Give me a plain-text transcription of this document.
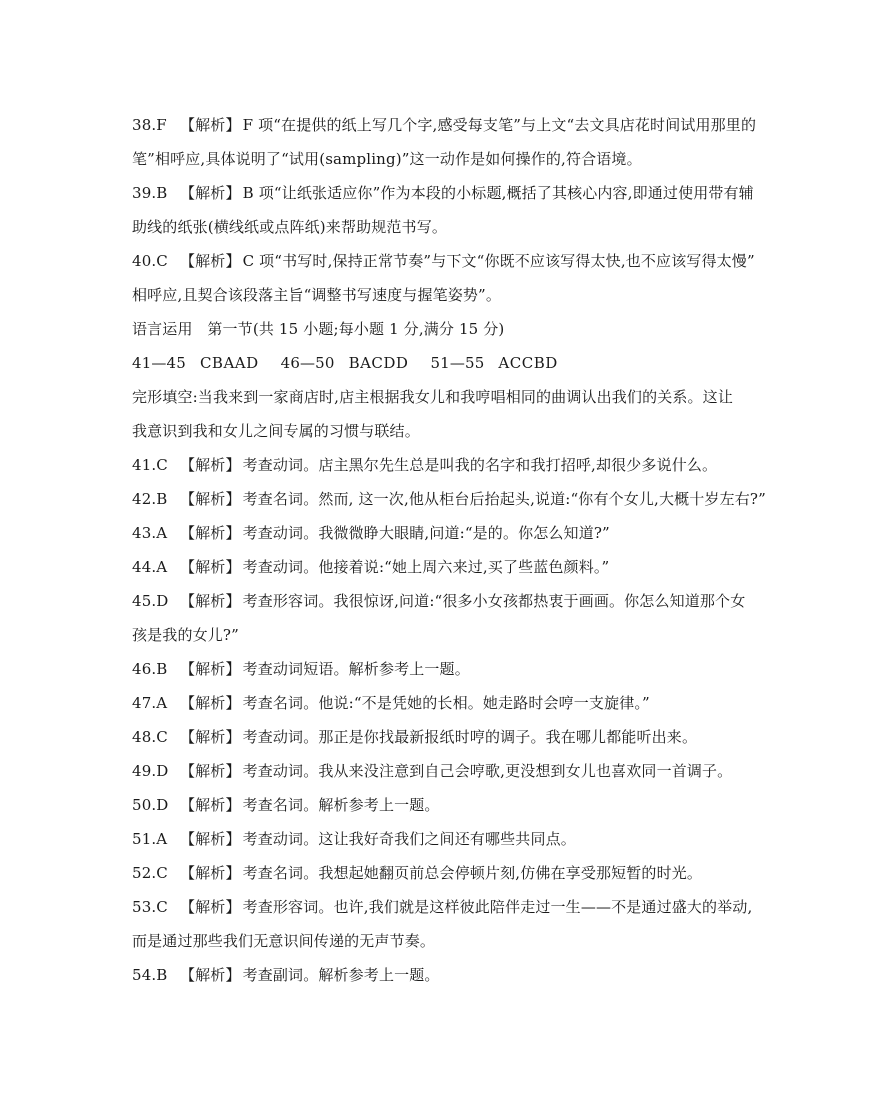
38.F 【解析】 F 项“在提供的纸上写几个字,感受每支笔”与上文“去文具店花时间试用那里的
笔”相呼应,具体说明了“试用(sampling)”这一动作是如何操作的,符合语境。
39.B 【解析】 B 项“让纸张适应你”作为本段的小标题,概括了其核心内容,即通过使用带有辅
助线的纸张(横线纸或点阵纸)来帮助规范书写。
40.C 【解析】 C 项“书写时,保持正常节奏”与下文“你既不应该写得太快,也不应该写得太慢”
相呼应,且契合该段落主旨“调整书写速度与握笔姿势”。
语言运用 第一节(共 15 小题;每小题 1 分,满分 15 分)
41—45 CBAAD 46—50 BACDD 51—55 ACCBD
完形填空:当我来到一家商店时,店主根据我女儿和我哼唱相同的曲调认出我们的关系。这让
我意识到我和女儿之间专属的习惯与联结。
41.C 【解析】 考查动词。店主黑尔先生总是叫我的名字和我打招呼,却很少多说什么。
42.B 【解析】 考查名词。然而, 这一次,他从柜台后抬起头,说道:“你有个女儿,大概十岁左右?”
43.A 【解析】 考查动词。我微微睁大眼睛,问道:“是的。你怎么知道?”
44.A 【解析】 考查动词。他接着说:“她上周六来过,买了些蓝色颜料。”
45.D 【解析】 考查形容词。我很惊讶,问道:“很多小女孩都热衷于画画。你怎么知道那个女
孩是我的女儿?”
46.B 【解析】 考查动词短语。解析参考上一题。
47.A 【解析】 考查名词。他说:“不是凭她的长相。她走路时会哼一支旋律。”
48.C 【解析】 考查动词。那正是你找最新报纸时哼的调子。我在哪儿都能听出来。
49.D 【解析】 考查动词。我从来没注意到自己会哼歌,更没想到女儿也喜欢同一首调子。
50.D 【解析】 考查名词。解析参考上一题。
51.A 【解析】 考查动词。这让我好奇我们之间还有哪些共同点。
52.C 【解析】 考查名词。我想起她翻页前总会停顿片刻,仿佛在享受那短暂的时光。
53.C 【解析】 考查形容词。也许,我们就是这样彼此陪伴走过一生——不是通过盛大的举动,
而是通过那些我们无意识间传递的无声节奏。
54.B 【解析】 考查副词。解析参考上一题。
